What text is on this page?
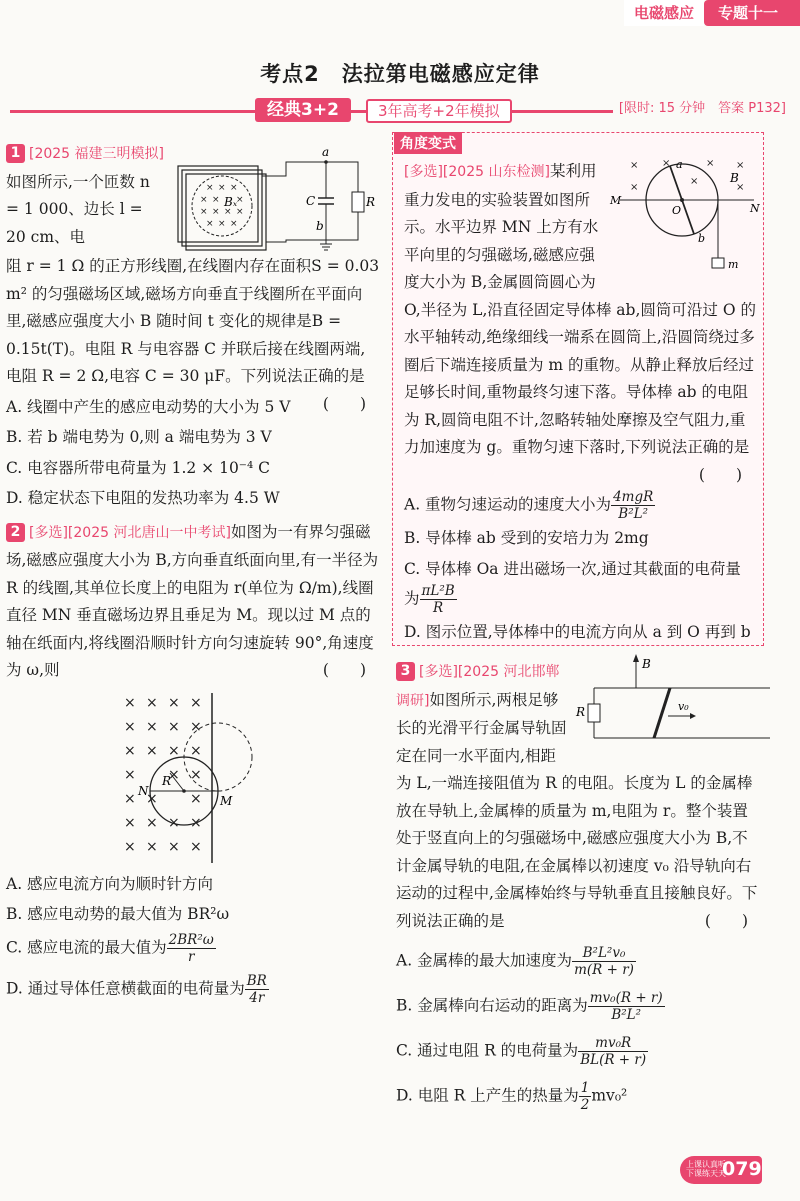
电磁感应	专题十一
考点2　法拉第电磁感应定律
经典3+2	3年高考+2年模拟	[限时: 15 分钟　答案 P132]
1 [2025 福建三明模拟]如图所示,一个匝数 n = 1 000、边长 l = 20 cm、电
× × ×
× × ×
× × × ×
× × ×
Bₓ
a
b
C	R
阻 r = 1 Ω 的正方形线圈,在线圈内存在面积S = 0.03 m² 的匀强磁场区域,磁场方向垂直于线圈所在平面向里,磁感应强度大小 B 随时间 t 变化的规律是B = 0.15t(T)。电阻 R 与电容器 C 并联后接在线圈两端,电阻 R = 2 Ω,电容 C = 30 μF。下列说法正确的是
(　　)
A. 线圈中产生的感应电动势的大小为 5 V
B. 若 b 端电势为 0,则 a 端电势为 3 V
C. 电容器所带电荷量为 1.2 × 10⁻⁴ C
D. 稳定状态下电阻的发热功率为 4.5 W
2 [多选][2025 河北唐山一中考试]如图为一有界匀强磁场,磁感应强度大小为 B,方向垂直纸面向里,有一半径为 R 的线圈,其单位长度上的电阻为 r(单位为 Ω/m),线圈直径 MN 垂直磁场边界且垂足为 M。现以过 M 点的轴在纸面内,将线圈沿顺时针方向匀速旋转 90°,角速度为 ω,则	(　　)
× × × ×
× × × ×
× × × ×
× × ×
× × ×
× × × ×
× × × ×
N
R
M
A. 感应电流方向为顺时针方向
B. 感应电动势的最大值为 BR²ω
C. 感应电流的最大值为 $\frac{\text{2BR²ω}}{r}$
D. 通过导体任意横截面的电荷量为 $\frac{BR}{4r}$
角度变式
× ×	× ×
×
×
×
M
N
O
a
b
B
m
[多选][2025 山东检测]某利用重力发电的实验装置如图所示。水平边界 MN 上方有水平向里的匀强磁场,磁感应强度大小为 B,金属圆筒圆心为 O,半径为 L,沿直径固定导体棒 ab,圆筒可沿过 O 的水平轴转动,绝缘细线一端系在圆筒上,沿圆筒绕过多圈后下端连接质量为 m 的重物。从静止释放后经过足够长时间,重物最终匀速下落。导体棒 ab 的电阻为 R,圆筒电阻不计,忽略转轴处摩擦及空气阻力,重力加速度为 g。重物匀速下落时,下列说法正确的是
(　　)
A. 重物匀速运动的速度大小为 $\frac{\text{4mgR}}{\text{B²L²}}$
B. 导体棒 ab 受到的安培力为 2mg
C. 导体棒 Oa 进出磁场一次,通过其截面的电荷量为 $\frac{\text{πL²B}}{R}$
D. 图示位置,导体棒中的电流方向从 a 到 O 再到 b
B
R	v₀
3 [多选][2025 河北邯郸调研]如图所示,两根足够长的光滑平行金属导轨固定在同一水平面内,相距为 L,一端连接阻值为 R 的电阻。长度为 L 的金属棒放在导轨上,金属棒的质量为 m,电阻为 r。整个装置处于竖直向上的匀强磁场中,磁感应强度大小为 B,不计金属导轨的电阻,在金属棒以初速度 v₀ 沿导轨向右运动的过程中,金属棒始终与导轨垂直且接触良好。下列说法正确的是	(　　)
A. 金属棒的最大加速度为 $\frac{\text{B²L²v₀}}{m(R + r)}$
B. 金属棒向右运动的距离为 $\frac{\text{mv₀(R + r)}}{\text{B²L²}}$
C. 通过电阻 R 的电荷量为 $\frac{\text{mv₀R}}{BL(R + r)}$
D. 电阻 R 上产生的热量为 $\frac{1}{2} mv_0^2$
上课认真听 下课练天天
079
